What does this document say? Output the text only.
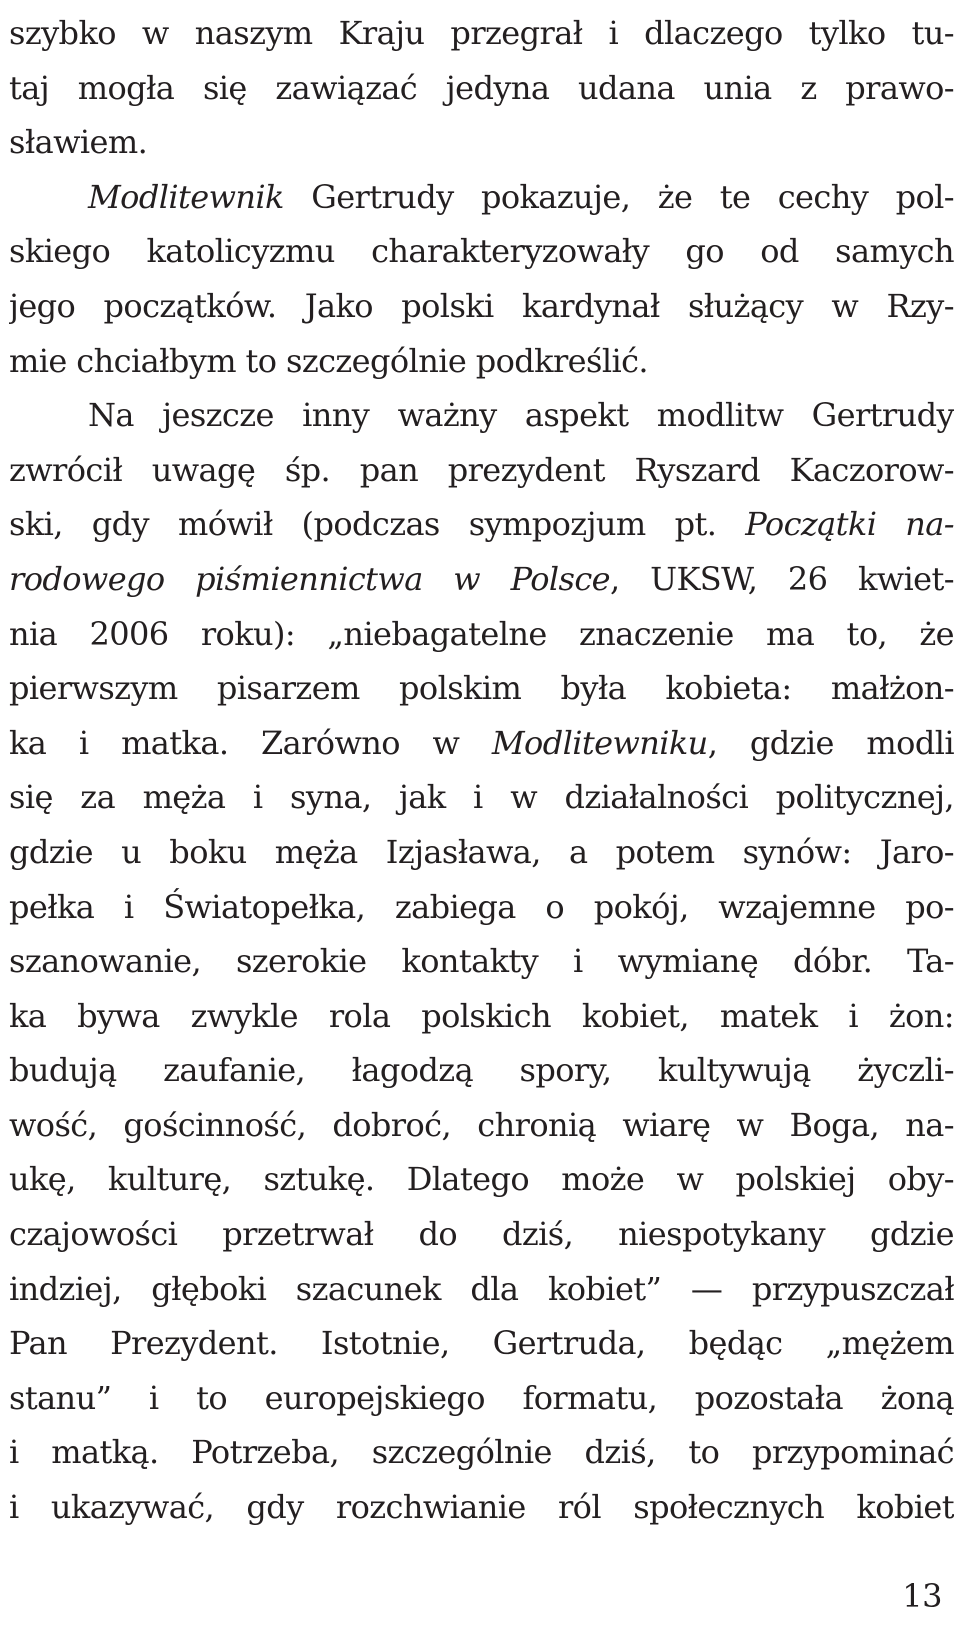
szybko w naszym Kraju przegrał i dlaczego tylko tu-
taj mogła się zawiązać jedyna udana unia z prawo-
sławiem.
Modlitewnik Gertrudy pokazuje, że te cechy pol-
skiego katolicyzmu charakteryzowały go od samych
jego początków. Jako polski kardynał służący w Rzy-
mie chciałbym to szczególnie podkreślić.
Na jeszcze inny ważny aspekt modlitw Gertrudy
zwrócił uwagę śp. pan prezydent Ryszard Kaczorow-
ski, gdy mówił (podczas sympozjum pt. Początki na-
rodowego piśmiennictwa w Polsce, UKSW, 26 kwiet-
nia 2006 roku): „niebagatelne znaczenie ma to, że
pierwszym pisarzem polskim była kobieta: małżon-
ka i matka. Zarówno w Modlitewniku, gdzie modli
się za męża i syna, jak i w działalności politycznej,
gdzie u boku męża Izjasława, a potem synów: Jaro-
pełka i Światopełka, zabiega o pokój, wzajemne po-
szanowanie, szerokie kontakty i wymianę dóbr. Ta-
ka bywa zwykle rola polskich kobiet, matek i żon:
budują zaufanie, łagodzą spory, kultywują życzli-
wość, gościnność, dobroć, chronią wiarę w Boga, na-
ukę, kulturę, sztukę. Dlatego może w polskiej oby-
czajowości przetrwał do dziś, niespotykany gdzie
indziej, głęboki szacunek dla kobiet” — przypuszczał
Pan Prezydent. Istotnie, Gertruda, będąc „mężem
stanu” i to europejskiego formatu, pozostała żoną
i matką. Potrzeba, szczególnie dziś, to przypominać
i ukazywać, gdy rozchwianie ról społecznych kobiet
13
